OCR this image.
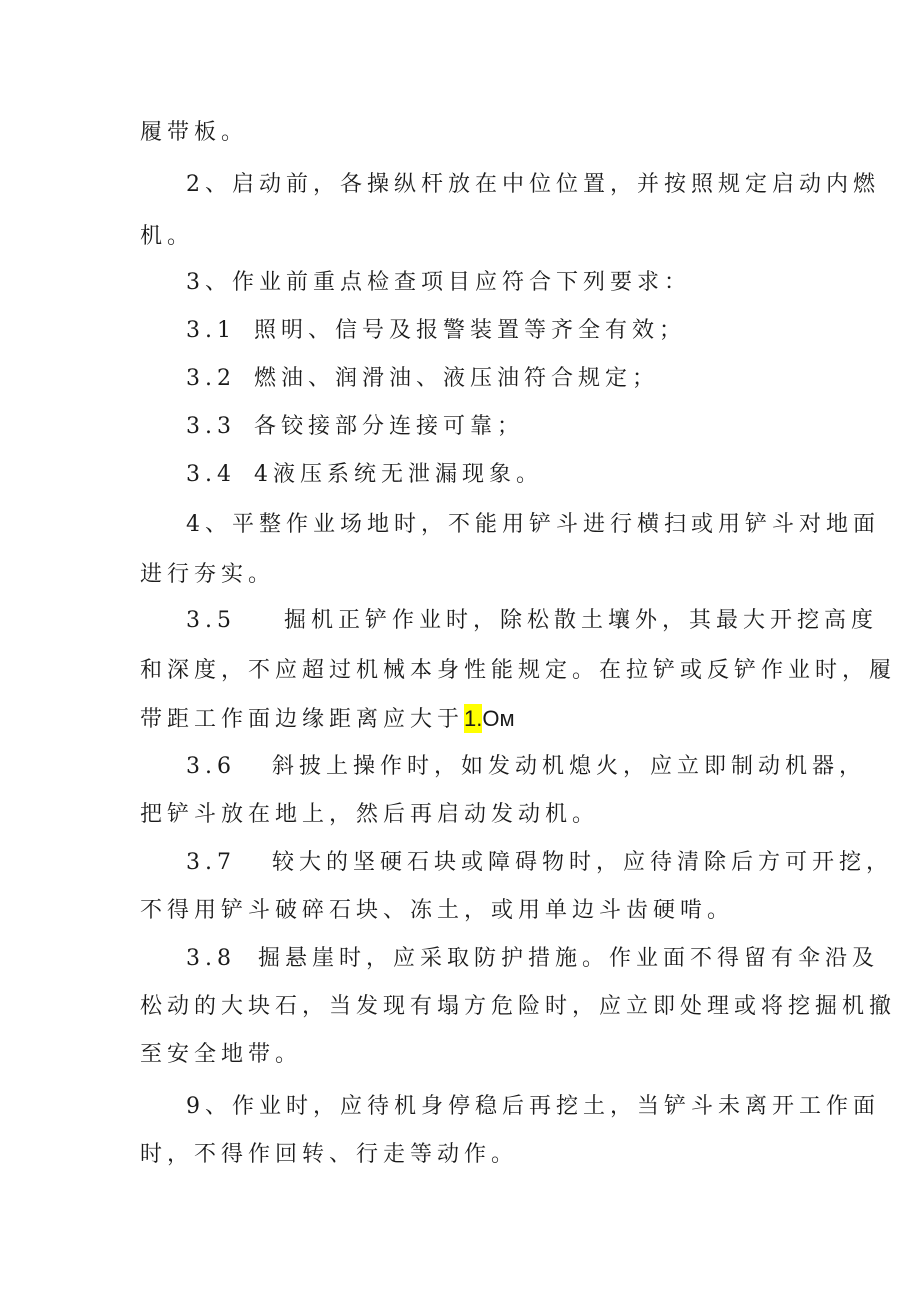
履带板。
2、启动前，各操纵杆放在中位位置，并按照规定启动内燃
机。
3、作业前重点检查项目应符合下列要求：
3.1 照明、信号及报警装置等齐全有效；
3.2 燃油、润滑油、液压油符合规定；
3.3 各铰接部分连接可靠；
3.4 4液压系统无泄漏现象。
4、平整作业场地时，不能用铲斗进行横扫或用铲斗对地面
进行夯实。
3.5 掘机正铲作业时，除松散土壤外，其最大开挖高度
和深度，不应超过机械本身性能规定。在拉铲或反铲作业时，履
带距工作面边缘距离应大于1.Oм
3.6 斜披上操作时，如发动机熄火，应立即制动机器，
把铲斗放在地上，然后再启动发动机。
3.7 较大的坚硬石块或障碍物时，应待清除后方可开挖，
不得用铲斗破碎石块、冻土，或用单边斗齿硬啃。
3.8 掘悬崖时，应采取防护措施。作业面不得留有伞沿及
松动的大块石，当发现有塌方危险时，应立即处理或将挖掘机撤
至安全地带。
9、作业时，应待机身停稳后再挖土，当铲斗未离开工作面
时，不得作回转、行走等动作。
